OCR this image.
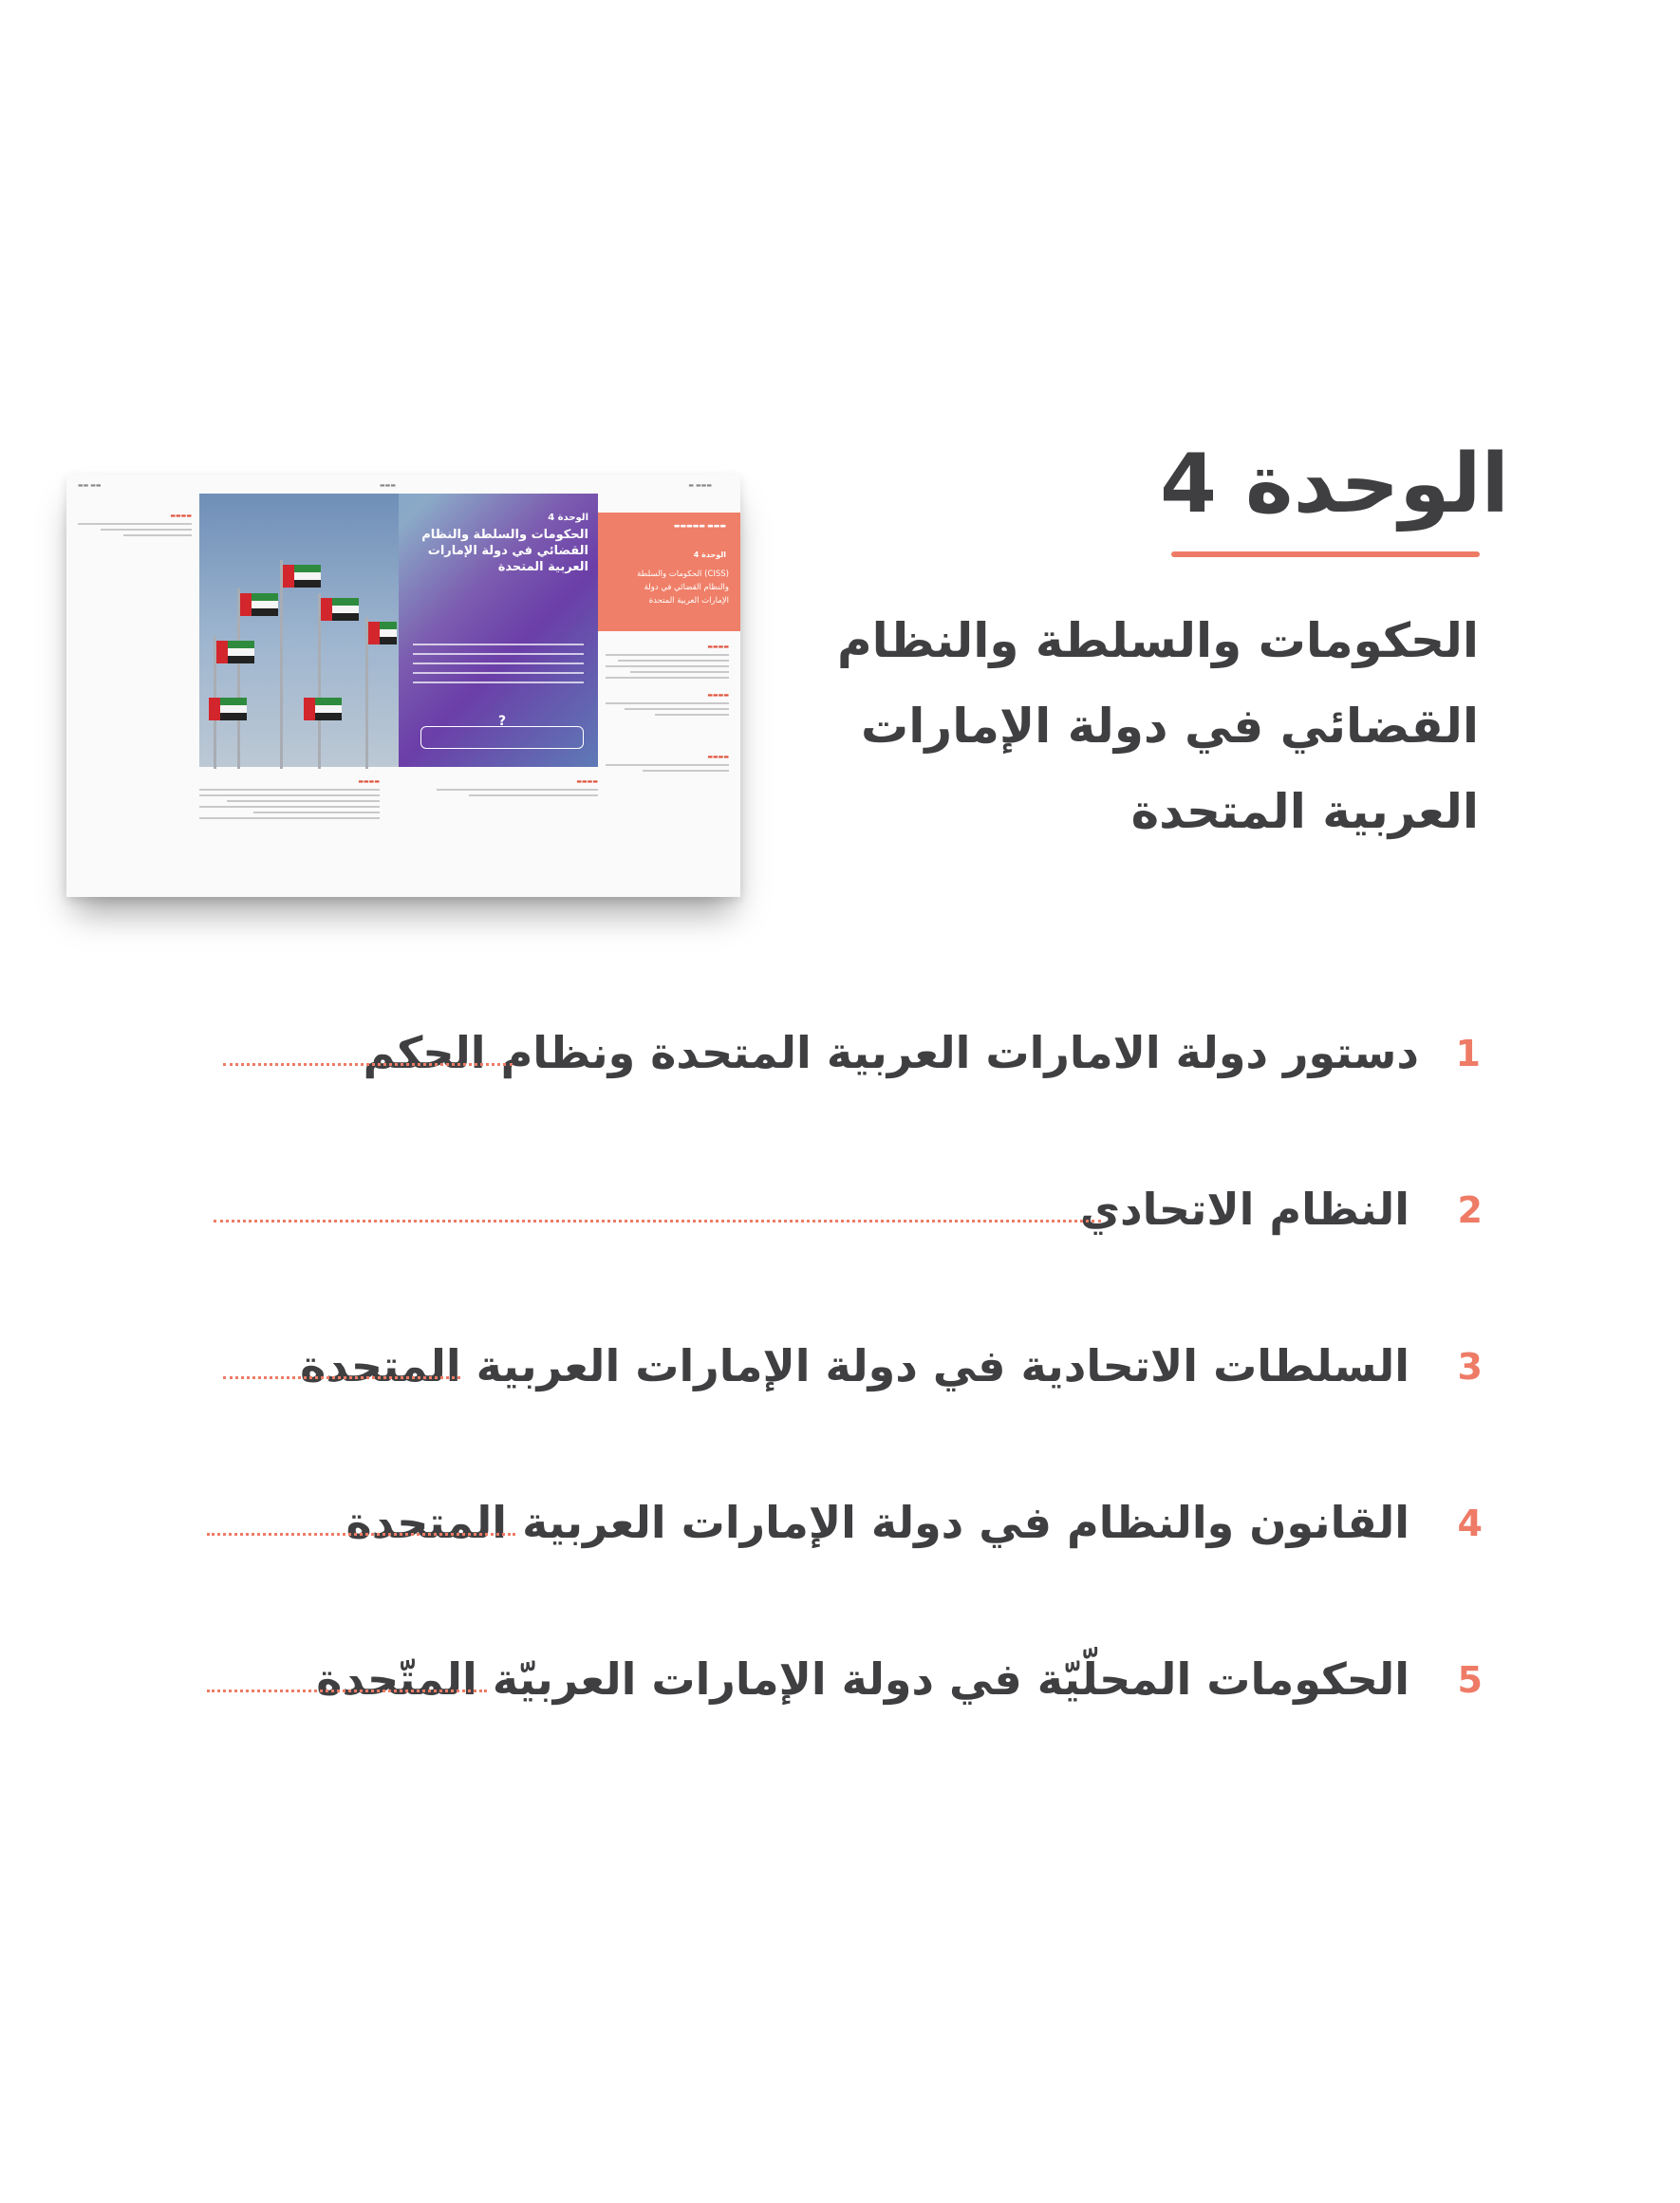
الوحدة 4
الحكومات والسلطة والنظام
القضائي في دولة الإمارات
العربية المتحدة
▬▬▬ ▬
▬▬▬
▬▬ ▬▬
▬▬▬ ▬▬▬▬▬
الوحدة 4
(CISS) الحكومات والسلطة والنظام القضائي في دولة الإمارات العربية المتحدة
▬▬▬▬
▬▬▬▬
▬▬▬▬
الوحدة 4
الحكومات والسلطة والنظام القضائي في دولة الإمارات العربية المتحدة
?
▬▬▬▬
▬▬▬▬
▬▬▬▬
1
دستور دولة الامارات العربية المتحدة ونظام الحكم
2
النظام الاتحادي
3
السلطات الاتحادية في دولة الإمارات العربية المتحدة
4
القانون والنظام في دولة الإمارات العربية المتحدة
5
الحكومات المحلّيّة في دولة الإمارات العربيّة المتّحدة
